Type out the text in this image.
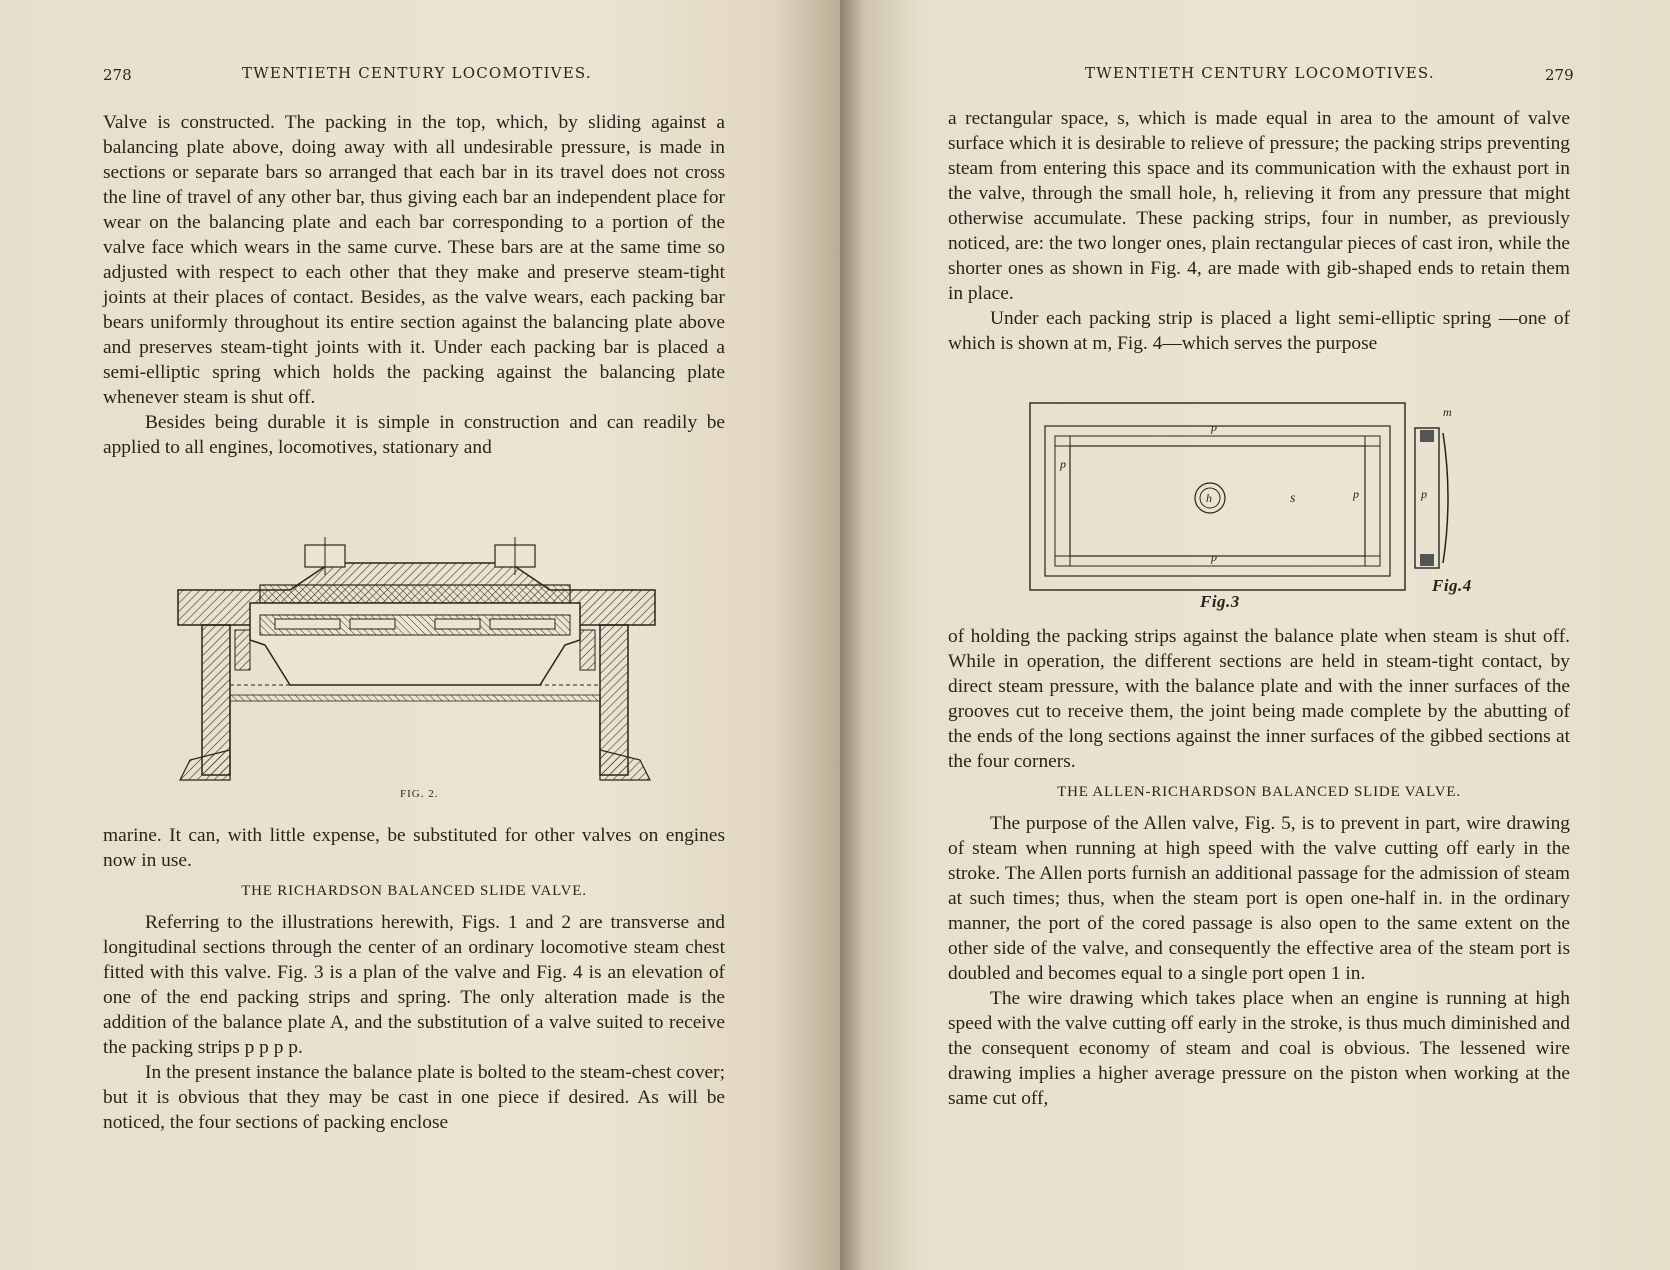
278	TWENTIETH CENTURY LOCOMOTIVES.

Valve is constructed. The packing in the top, which, by sliding against a balancing plate above, doing away with all undesirable pressure, is made in sections or separate bars so arranged that each bar in its travel does not cross the line of travel of any other bar, thus giving each bar an independent place for wear on the balancing plate and each bar corresponding to a portion of the valve face which wears in the same curve. These bars are at the same time so adjusted with respect to each other that they make and preserve steam-tight joints at their places of contact. Besides, as the valve wears, each packing bar bears uniformly throughout its entire section against the balancing plate above and preserves steam-tight joints with it. Under each packing bar is placed a semi-elliptic spring which holds the packing against the balancing plate whenever steam is shut off.

Besides being durable it is simple in construction and can readily be applied to all engines, locomotives, stationary and

FIG. 2.

marine. It can, with little expense, be substituted for other valves on engines now in use.

THE RICHARDSON BALANCED SLIDE VALVE.

Referring to the illustrations herewith, Figs. 1 and 2 are transverse and longitudinal sections through the center of an ordinary locomotive steam chest fitted with this valve. Fig. 3 is a plan of the valve and Fig. 4 is an elevation of one of the end packing strips and spring. The only alteration made is the addition of the balance plate A, and the substitution of a valve suited to receive the packing strips p p p p.

In the present instance the balance plate is bolted to the steam-chest cover; but it is obvious that they may be cast in one piece if desired. As will be noticed, the four sections of packing enclose

TWENTIETH CENTURY LOCOMOTIVES.	279

a rectangular space, s, which is made equal in area to the amount of valve surface which it is desirable to relieve of pressure; the packing strips preventing steam from entering this space and its communication with the exhaust port in the valve, through the small hole, h, relieving it from any pressure that might otherwise accumulate. These packing strips, four in number, as previously noticed, are: the two longer ones, plain rectangular pieces of cast iron, while the shorter ones as shown in Fig. 4, are made with gib-shaped ends to retain them in place.

Under each packing strip is placed a light semi-elliptic spring —one of which is shown at m, Fig. 4—which serves the purpose

h	s
p
p
p
p	p
m
Fig.3
Fig.4

of holding the packing strips against the balance plate when steam is shut off. While in operation, the different sections are held in steam-tight contact, by direct steam pressure, with the balance plate and with the inner surfaces of the grooves cut to receive them, the joint being made complete by the abutting of the ends of the long sections against the inner surfaces of the gibbed sections at the four corners.

THE ALLEN-RICHARDSON BALANCED SLIDE VALVE.

The purpose of the Allen valve, Fig. 5, is to prevent in part, wire drawing of steam when running at high speed with the valve cutting off early in the stroke. The Allen ports furnish an additional passage for the admission of steam at such times; thus, when the steam port is open one-half in. in the ordinary manner, the port of the cored passage is also open to the same extent on the other side of the valve, and consequently the effective area of the steam port is doubled and becomes equal to a single port open 1 in.

The wire drawing which takes place when an engine is running at high speed with the valve cutting off early in the stroke, is thus much diminished and the consequent economy of steam and coal is obvious. The lessened wire drawing implies a higher average pressure on the piston when working at the same cut off,
